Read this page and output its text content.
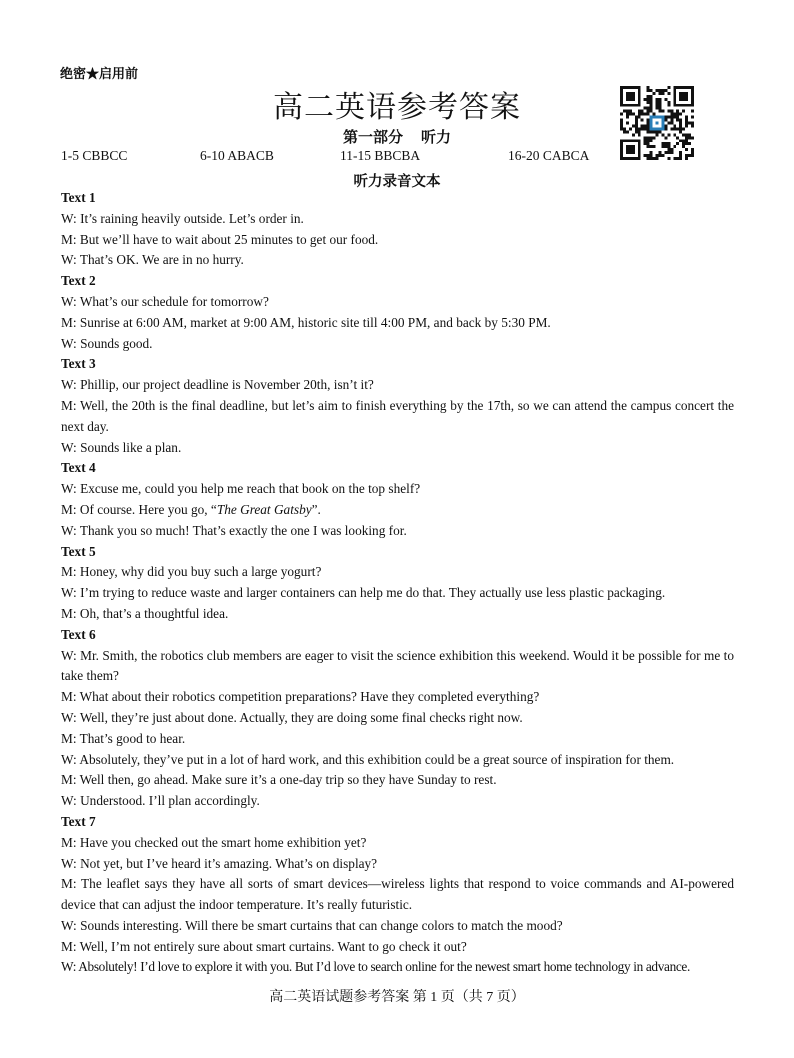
绝密★启用前
高二英语参考答案
第一部分 听力
1-5 CBBCC	6-10 ABACB	11-15 BBCBA	16-20 CABCA
听力录音文本
Text 1
W: It’s raining heavily outside. Let’s order in.
M: But we’ll have to wait about 25 minutes to get our food.
W: That’s OK. We are in no hurry.
Text 2
W: What’s our schedule for tomorrow?
M: Sunrise at 6:00 AM, market at 9:00 AM, historic site till 4:00 PM, and back by 5:30 PM.
W: Sounds good.
Text 3
W: Phillip, our project deadline is November 20th, isn’t it?
M: Well, the 20th is the final deadline, but let’s aim to finish everything by the 17th, so we can attend the campus concert the next day.
W: Sounds like a plan.
Text 4
W: Excuse me, could you help me reach that book on the top shelf?
M: Of course. Here you go, “The Great Gatsby”.
W: Thank you so much! That’s exactly the one I was looking for.
Text 5
M: Honey, why did you buy such a large yogurt?
W: I’m trying to reduce waste and larger containers can help me do that. They actually use less plastic packaging.
M: Oh, that’s a thoughtful idea.
Text 6
W: Mr. Smith, the robotics club members are eager to visit the science exhibition this weekend. Would it be possible for me to take them?
M: What about their robotics competition preparations? Have they completed everything?
W: Well, they’re just about done. Actually, they are doing some final checks right now.
M: That’s good to hear.
W: Absolutely, they’ve put in a lot of hard work, and this exhibition could be a great source of inspiration for them.
M: Well then, go ahead. Make sure it’s a one-day trip so they have Sunday to rest.
W: Understood. I’ll plan accordingly.
Text 7
M: Have you checked out the smart home exhibition yet?
W: Not yet, but I’ve heard it’s amazing. What’s on display?
M: The leaflet says they have all sorts of smart devices—wireless lights that respond to voice commands and AI-powered device that can adjust the indoor temperature. It’s really futuristic.
W: Sounds interesting. Will there be smart curtains that can change colors to match the mood?
M: Well, I’m not entirely sure about smart curtains. Want to go check it out?
W: Absolutely! I’d love to explore it with you. But I’d love to search online for the newest smart home technology in advance.
高二英语试题参考答案 第 1 页（共 7 页）
